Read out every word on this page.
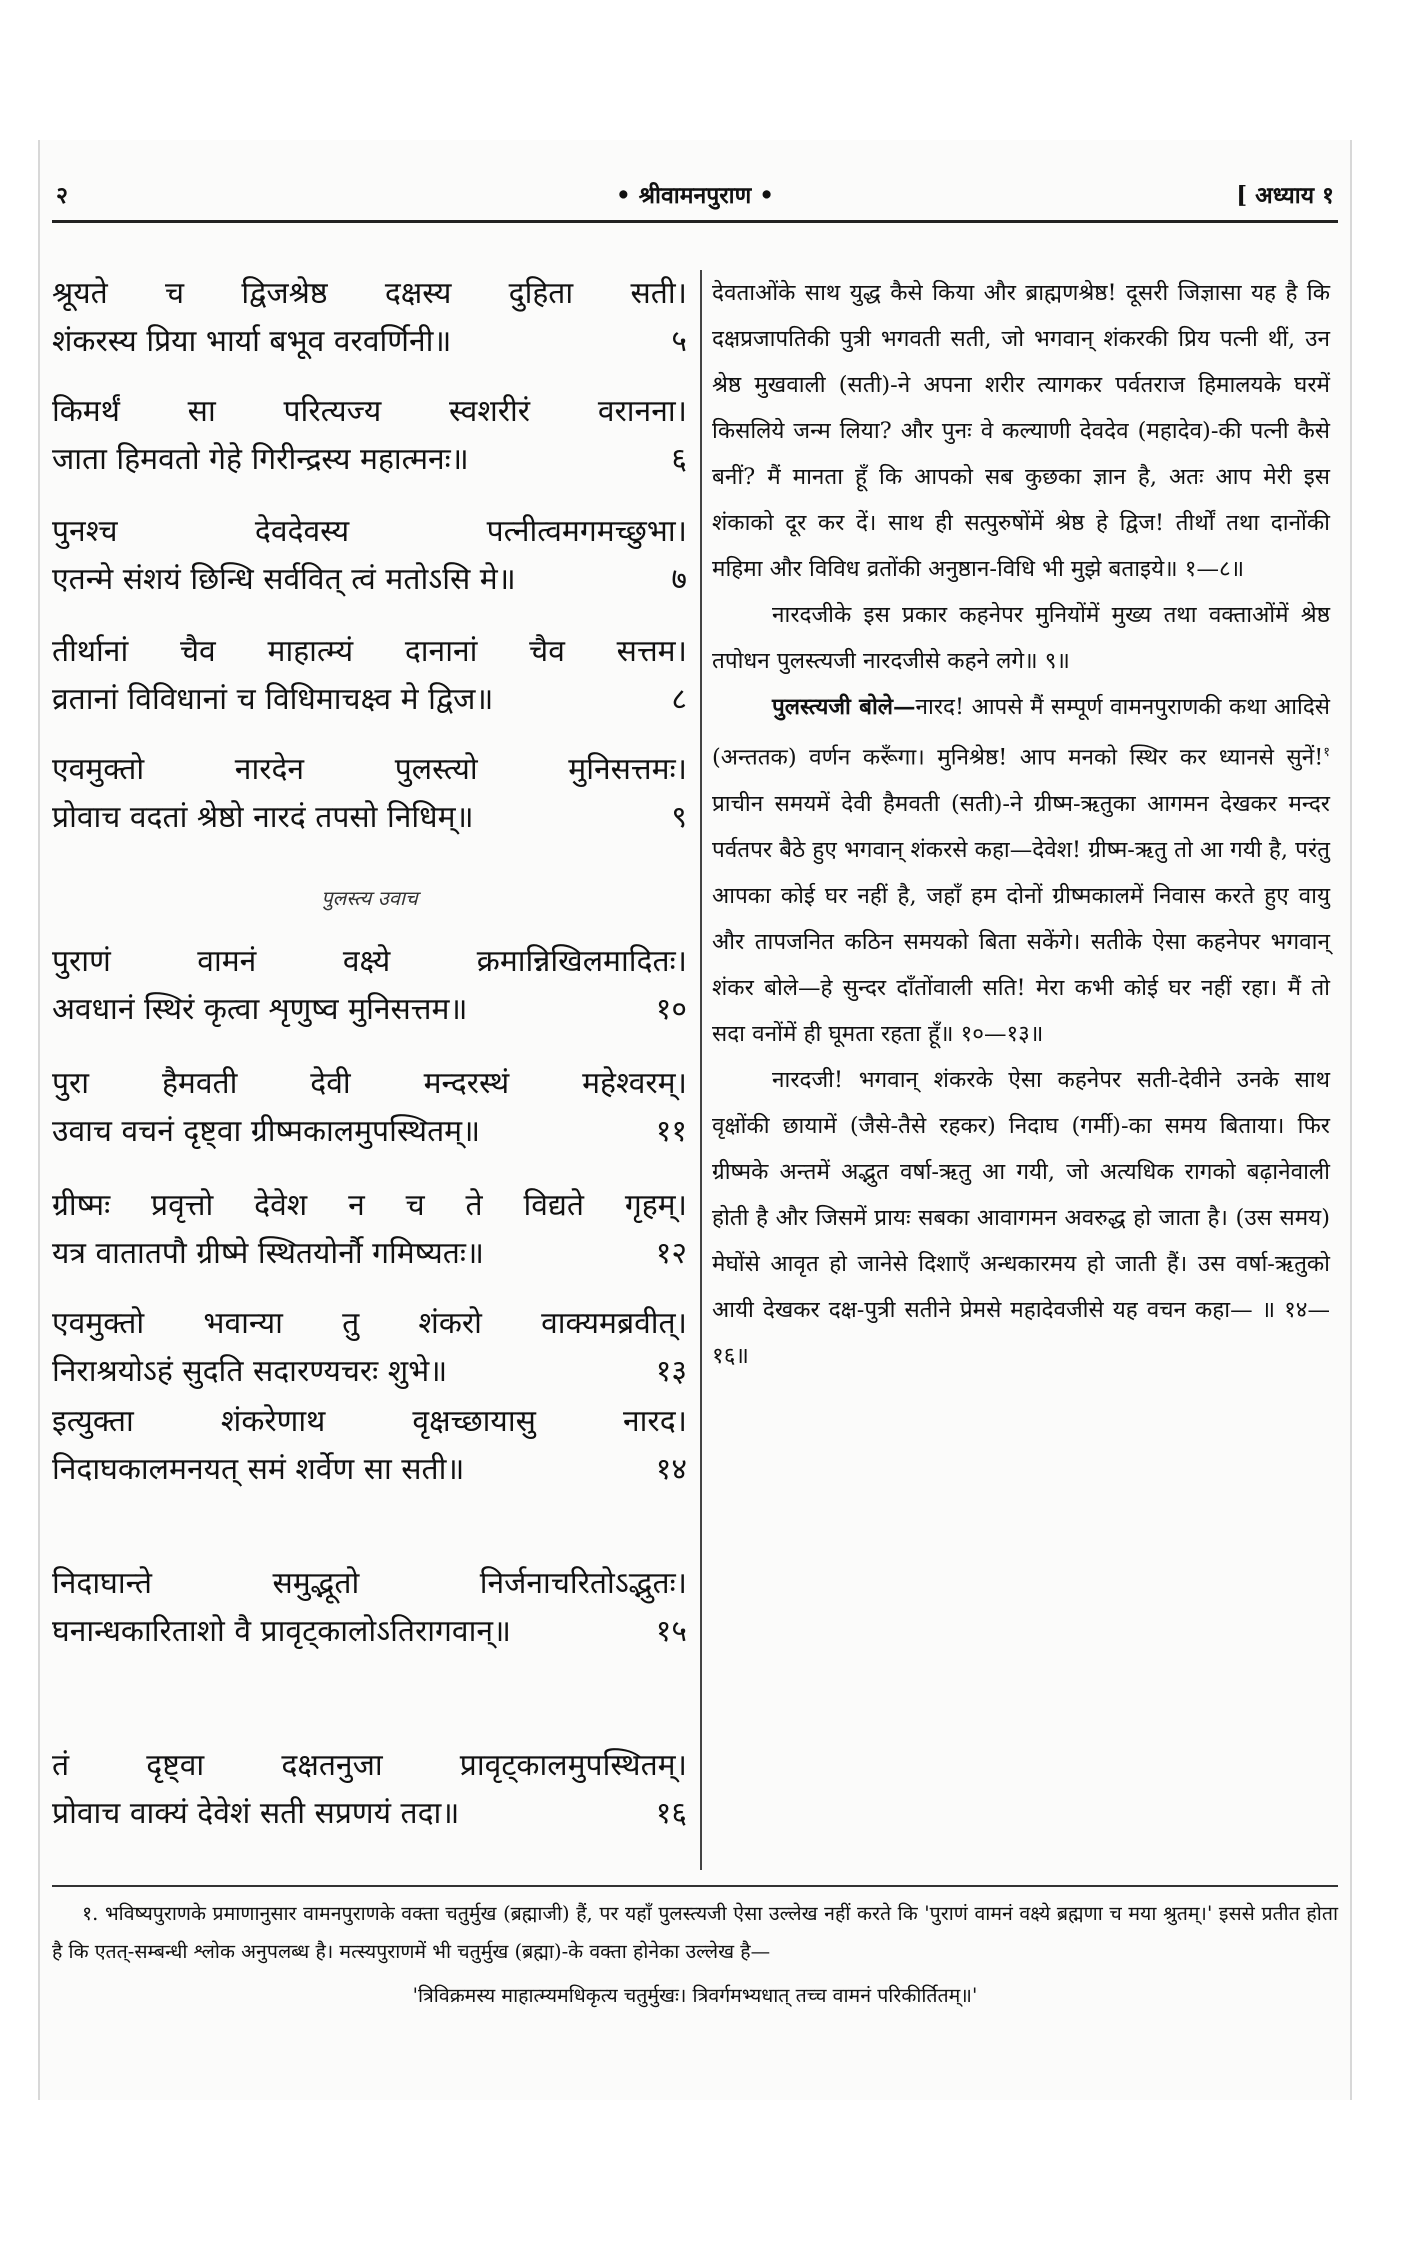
२	• श्रीवामनपुराण •	[ अध्याय १
श्रूयते च द्विजश्रेष्ठ दक्षस्य दुहिता सती।
शंकरस्य प्रिया भार्या बभूव वरवर्णिनी॥	५
किमर्थं सा परित्यज्य स्वशरीरं वरानना।
जाता हिमवतो गेहे गिरीन्द्रस्य महात्मनः॥	६
पुनश्च देवदेवस्य पत्नीत्वमगमच्छुभा।
एतन्मे संशयं छिन्धि सर्ववित् त्वं मतोऽसि मे॥	७
तीर्थानां चैव माहात्म्यं दानानां चैव सत्तम।
व्रतानां विविधानां च विधिमाचक्ष्व मे द्विज॥	८
एवमुक्तो नारदेन पुलस्त्यो मुनिसत्तमः।
प्रोवाच वदतां श्रेष्ठो नारदं तपसो निधिम्॥	९
पुलस्त्य उवाच
पुराणं वामनं वक्ष्ये क्रमान्निखिलमादितः।
अवधानं स्थिरं कृत्वा शृणुष्व मुनिसत्तम॥	१०
पुरा हैमवती देवी मन्दरस्थं महेश्वरम्।
उवाच वचनं दृष्ट्वा ग्रीष्मकालमुपस्थितम्॥	११
ग्रीष्मः प्रवृत्तो देवेश न च ते विद्यते गृहम्।
यत्र वातातपौ ग्रीष्मे स्थितयोर्नौ गमिष्यतः॥	१२
एवमुक्तो भवान्या तु शंकरो वाक्यमब्रवीत्।
निराश्रयोऽहं सुदति सदारण्यचरः शुभे॥	१३
इत्युक्ता शंकरेणाथ वृक्षच्छायासु नारद।
निदाघकालमनयत् समं शर्वेण सा सती॥	१४
निदाघान्ते समुद्भूतो निर्जनाचरितोऽद्भुतः।
घनान्धकारिताशो वै प्रावृट्कालोऽतिरागवान्॥	१५
तं दृष्ट्वा दक्षतनुजा प्रावृट्कालमुपस्थितम्।
प्रोवाच वाक्यं देवेशं सती सप्रणयं तदा॥	१६

देवताओंके साथ युद्ध कैसे किया और ब्राह्मणश्रेष्ठ! दूसरी जिज्ञासा यह है कि दक्षप्रजापतिकी पुत्री भगवती सती, जो भगवान् शंकरकी प्रिय पत्नी थीं, उन श्रेष्ठ मुखवाली (सती)-ने अपना शरीर त्यागकर पर्वतराज हिमालयके घरमें किसलिये जन्म लिया? और पुनः वे कल्याणी देवदेव (महादेव)-की पत्नी कैसे बनीं? मैं मानता हूँ कि आपको सब कुछका ज्ञान है, अतः आप मेरी इस शंकाको दूर कर दें। साथ ही सत्पुरुषोंमें श्रेष्ठ हे द्विज! तीर्थों तथा दानोंकी महिमा और विविध व्रतोंकी अनुष्ठान-विधि भी मुझे बताइये॥ १—८॥

नारदजीके इस प्रकार कहनेपर मुनियोंमें मुख्य तथा वक्ताओंमें श्रेष्ठ तपोधन पुलस्त्यजी नारदजीसे कहने लगे॥ ९॥

पुलस्त्यजी बोले—नारद! आपसे मैं सम्पूर्ण वामनपुराणकी कथा आदिसे (अन्ततक) वर्णन करूँगा। मुनिश्रेष्ठ! आप मनको स्थिर कर ध्यानसे सुनें!$^१$ प्राचीन समयमें देवी हैमवती (सती)-ने ग्रीष्म-ऋतुका आगमन देखकर मन्दर पर्वतपर बैठे हुए भगवान् शंकरसे कहा—देवेश! ग्रीष्म-ऋतु तो आ गयी है, परंतु आपका कोई घर नहीं है, जहाँ हम दोनों ग्रीष्मकालमें निवास करते हुए वायु और तापजनित कठिन समयको बिता सकेंगे। सतीके ऐसा कहनेपर भगवान् शंकर बोले—हे सुन्दर दाँतोंवाली सति! मेरा कभी कोई घर नहीं रहा। मैं तो सदा वनोंमें ही घूमता रहता हूँ॥ १०—१३॥

नारदजी! भगवान् शंकरके ऐसा कहनेपर सती-देवीने उनके साथ वृक्षोंकी छायामें (जैसे-तैसे रहकर) निदाघ (गर्मी)-का समय बिताया। फिर ग्रीष्मके अन्तमें अद्भुत वर्षा-ऋतु आ गयी, जो अत्यधिक रागको बढ़ानेवाली होती है और जिसमें प्रायः सबका आवागमन अवरुद्ध हो जाता है। (उस समय) मेघोंसे आवृत हो जानेसे दिशाएँ अन्धकारमय हो जाती हैं। उस वर्षा-ऋतुको आयी देखकर दक्ष-पुत्री सतीने प्रेमसे महादेवजीसे यह वचन कहा— ॥ १४—१६॥

१. भविष्यपुराणके प्रमाणानुसार वामनपुराणके वक्ता चतुर्मुख (ब्रह्माजी) हैं, पर यहाँ पुलस्त्यजी ऐसा उल्लेख नहीं करते कि 'पुराणं वामनं वक्ष्ये ब्रह्मणा च मया श्रुतम्।' इससे प्रतीत होता है कि एतत्-सम्बन्धी श्लोक अनुपलब्ध है। मत्स्यपुराणमें भी चतुर्मुख (ब्रह्मा)-के वक्ता होनेका उल्लेख है—

'त्रिविक्रमस्य माहात्म्यमधिकृत्य चतुर्मुखः। त्रिवर्गमभ्यधात् तच्च वामनं परिकीर्तितम्॥'
